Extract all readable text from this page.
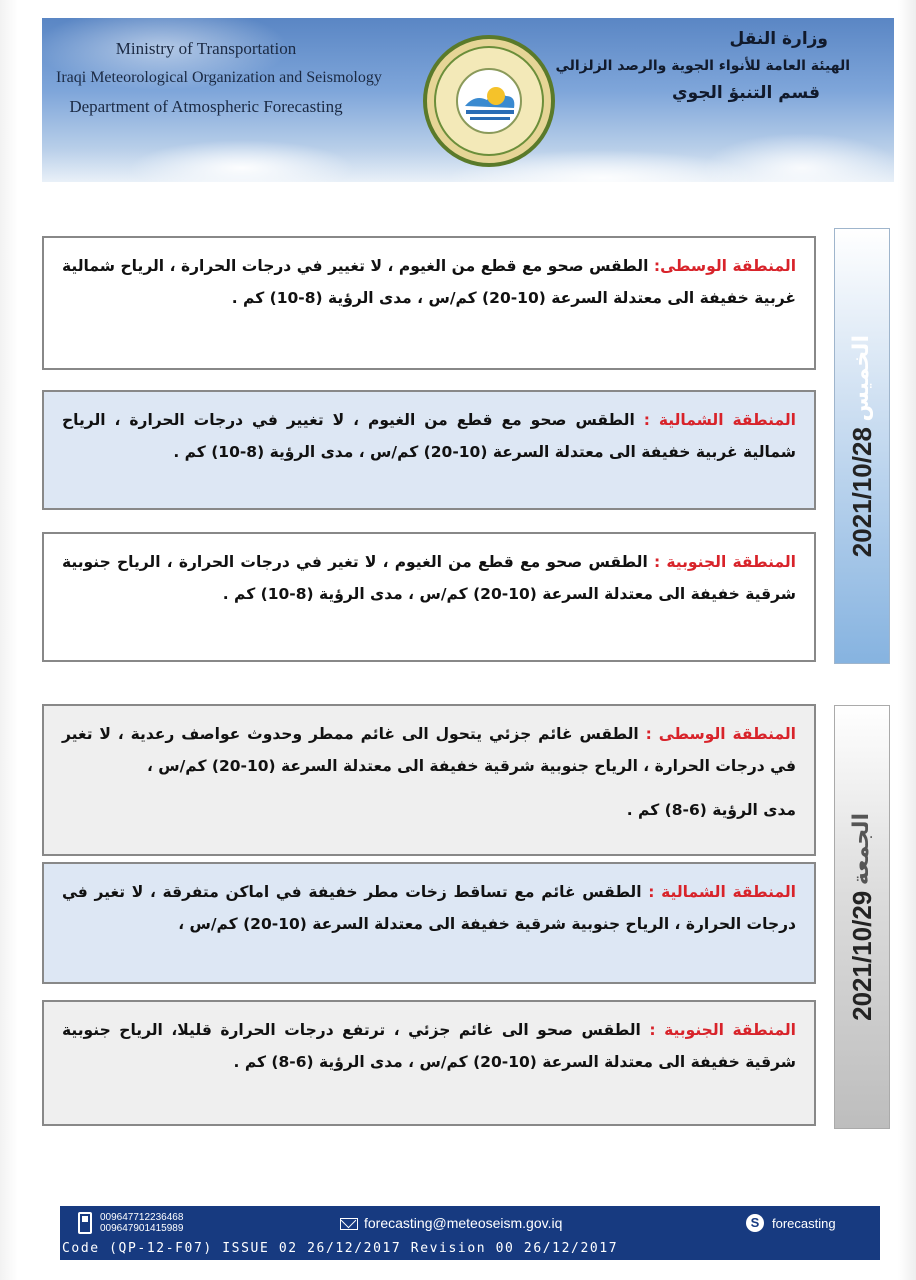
Ministry of Transportation
Iraqi Meteorological Organization and Seismology
Department of Atmospheric Forecasting
وزارة النقل
الهيئة العامة للأنواء الجوية والرصد الزلزالي
قسم التنبؤ الجوي
2021/10/28 الخميس
المنطقة الوسطى: الطقس صحو مع قطع من الغيوم ، لا تغيير في درجات الحرارة ، الرياح شمالية غربية خفيفة الى معتدلة السرعة (10-20) كم/س ، مدى الرؤية (8-10) كم .
المنطقة الشمالية : الطقس صحو مع قطع من الغيوم ، لا تغيير في درجات الحرارة ، الرياح شمالية غربية خفيفة الى معتدلة السرعة (10-20) كم/س ، مدى الرؤية (8-10) كم .
المنطقة الجنوبية : الطقس صحو مع قطع من الغيوم ، لا تغير في درجات الحرارة ، الرياح جنوبية شرقية خفيفة الى معتدلة السرعة (10-20) كم/س ، مدى الرؤية (8-10) كم .
2021/10/29 الجمعة
المنطقة الوسطى : الطقس غائم جزئي يتحول الى غائم ممطر وحدوث عواصف رعدية ، لا تغير في درجات الحرارة ، الرياح جنوبية شرقية خفيفة الى معتدلة السرعة (10-20) كم/س ،
مدى الرؤية (6-8) كم .
المنطقة الشمالية : الطقس غائم مع تساقط زخات مطر خفيفة في اماكن متفرقة ، لا تغير في درجات الحرارة ، الرياح جنوبية شرقية خفيفة الى معتدلة السرعة (10-20) كم/س ،
المنطقة الجنوبية : الطقس صحو الى غائم جزئي ، ترتفع درجات الحرارة قليلا، الرياح جنوبية شرقية خفيفة الى معتدلة السرعة (10-20) كم/س ، مدى الرؤية (6-8) كم .
009647712236468
009647901415989	forecasting@meteoseism.gov.iq	S forecasting
Code (QP-12-F07) ISSUE 02 26/12/2017 Revision 00 26/12/2017
